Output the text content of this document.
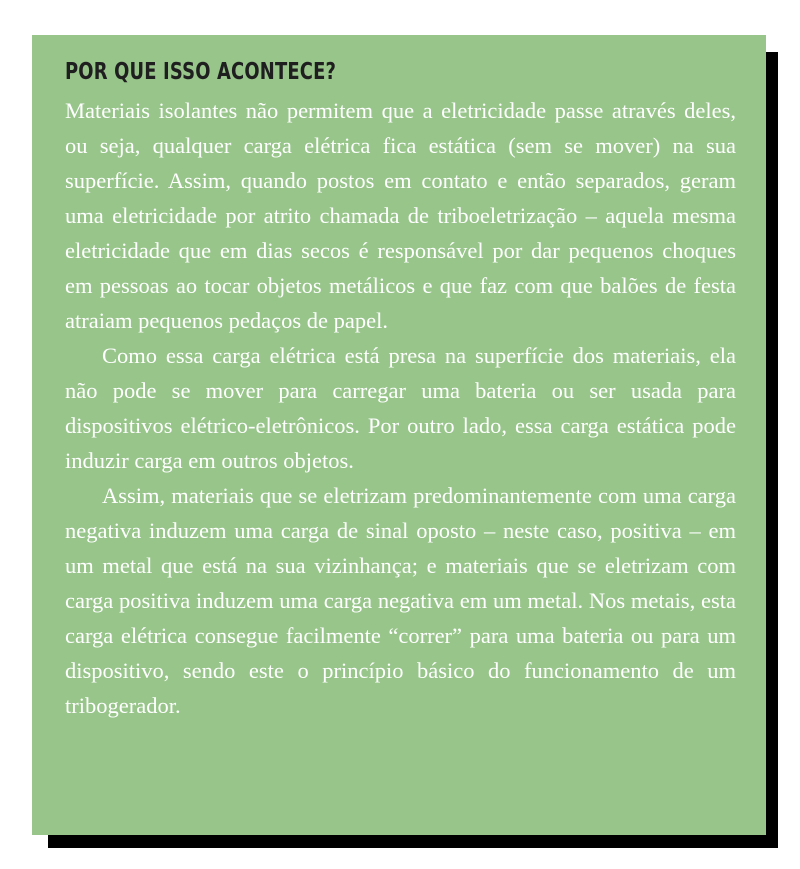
POR QUE ISSO ACONTECE?

Materiais isolantes não permitem que a eletricidade passe através deles, ou seja, qualquer carga elétrica fica estática (sem se mover) na sua superfície. Assim, quando postos em contato e então separados, geram uma eletricidade por atrito chamada de triboeletrização – aquela mesma eletricidade que em dias secos é responsável por dar pequenos choques em pessoas ao tocar objetos metálicos e que faz com que balões de festa atraiam pequenos pedaços de papel.

Como essa carga elétrica está presa na superfície dos materiais, ela não pode se mover para carregar uma bateria ou ser usada para dispositivos elétrico-eletrônicos. Por outro lado, essa carga estática pode induzir carga em outros objetos.

Assim, materiais que se eletrizam predominantemente com uma carga negativa induzem uma carga de sinal oposto – neste caso, positiva – em um metal que está na sua vizinhança; e materiais que se eletrizam com carga positiva induzem uma carga negativa em um metal. Nos metais, esta carga elétrica consegue facilmente “correr” para uma bateria ou para um dispositivo, sendo este o princípio básico do funcionamento de um tribogerador.
